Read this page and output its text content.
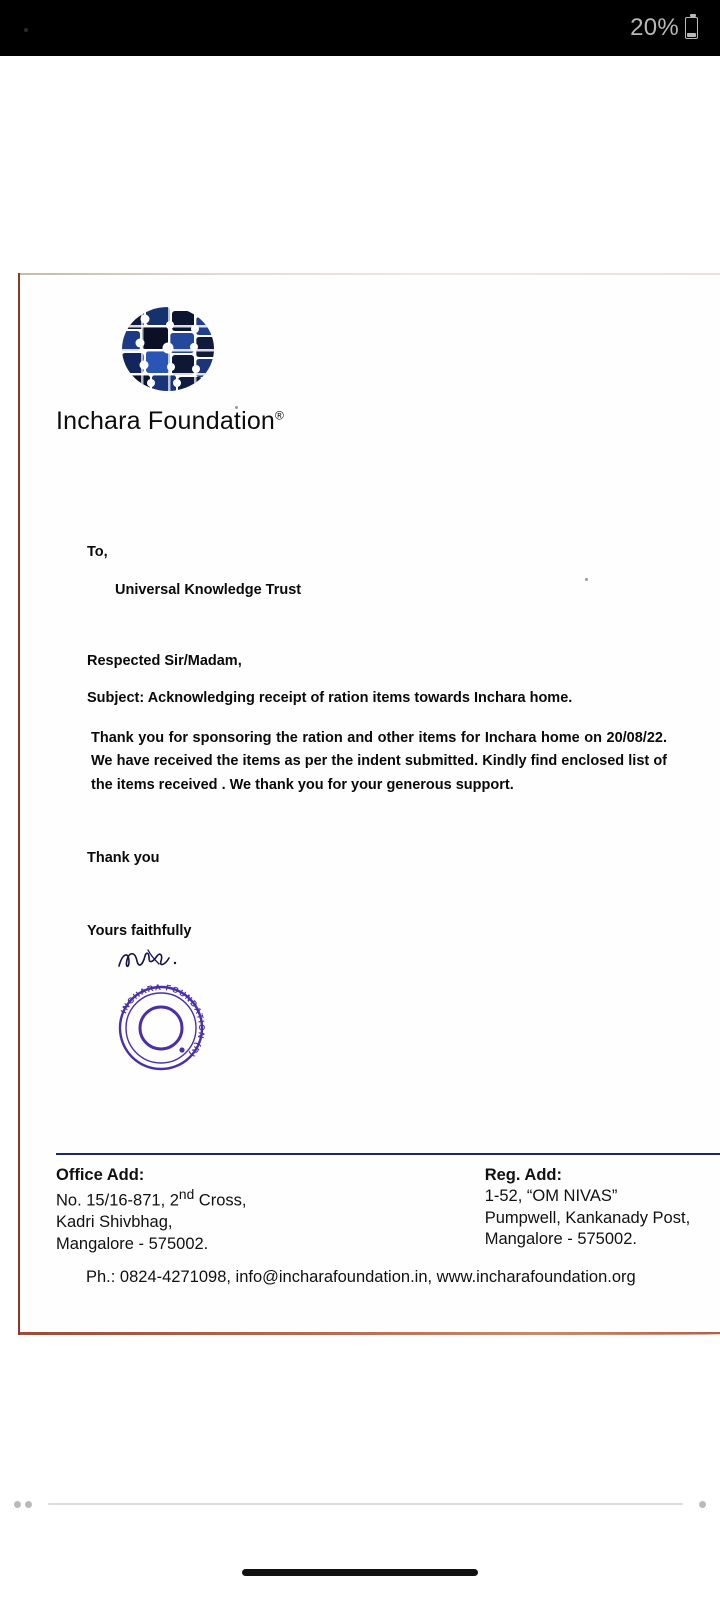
20%
Inchara Foundation®
To,
Universal Knowledge Trust
Respected Sir/Madam,
Subject: Acknowledging receipt of ration items towards Inchara home.
Thank you for sponsoring the ration and other items for Inchara home on 20/08/22. We have received the items as per the indent submitted. Kindly find enclosed list of the items received . We thank you for your generous support.
Thank you
Yours faithfully
INCHARA FOUNDATION (R)
Office Add:
No. 15/16-871, 2nd Cross,
Kadri Shivbhag,
Mangalore - 575002.
Reg. Add:
1-52, “OM NIVAS”
Pumpwell, Kankanady Post,
Mangalore - 575002.
Ph.: 0824-4271098, info@incharafoundation.in, www.incharafoundation.org
